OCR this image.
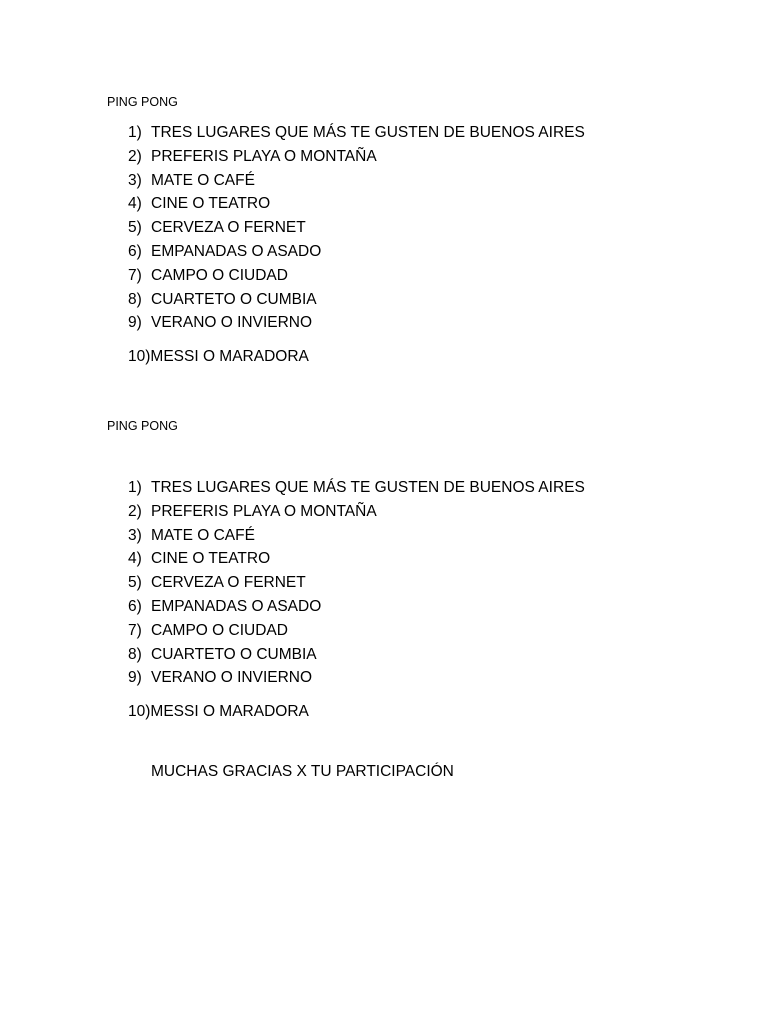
PING PONG
1) TRES LUGARES QUE MÁS TE GUSTEN DE BUENOS AIRES
2) PREFERIS PLAYA O MONTAÑA
3) MATE O CAFÉ
4) CINE O TEATRO
5) CERVEZA O FERNET
6) EMPANADAS O ASADO
7) CAMPO O CIUDAD
8) CUARTETO O CUMBIA
9) VERANO O INVIERNO
10) MESSI O MARADORA
PING PONG
1) TRES LUGARES QUE MÁS TE GUSTEN DE BUENOS AIRES
2) PREFERIS PLAYA O MONTAÑA
3) MATE O CAFÉ
4) CINE O TEATRO
5) CERVEZA O FERNET
6) EMPANADAS O ASADO
7) CAMPO O CIUDAD
8) CUARTETO O CUMBIA
9) VERANO O INVIERNO
10) MESSI O MARADORA
MUCHAS GRACIAS X TU PARTICIPACIÓN
